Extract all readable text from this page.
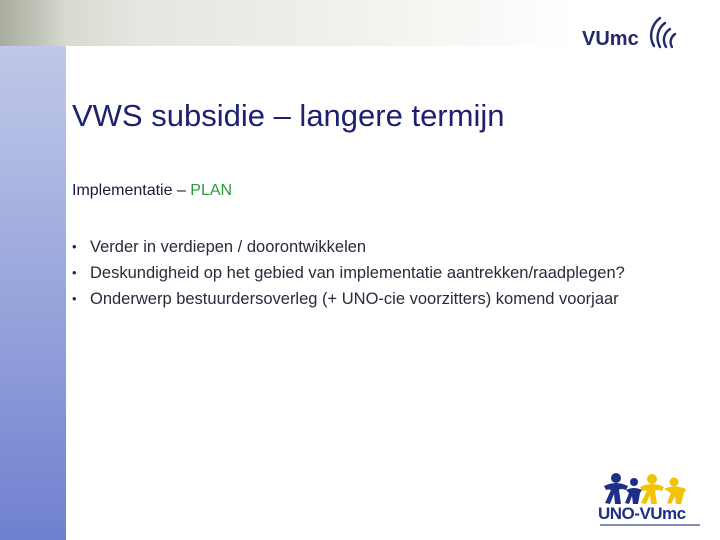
VUmc
VWS subsidie – langere termijn
Implementatie – PLAN
• Verder in verdiepen / doorontwikkelen
• Deskundigheid op het gebied van implementatie aantrekken/raadplegen?
• Onderwerp bestuurdersoverleg (+ UNO-cie voorzitters) komend voorjaar
UNO-VUmc
